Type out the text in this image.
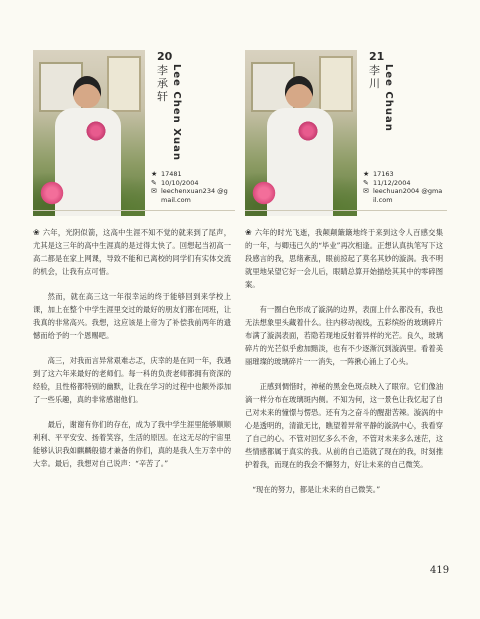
20
李承轩 Lee Chen Xuan
★ 17481
✎ 10/10/2004
✉ leechenxuan234 @gmail.com

❀ 六年，光阴似箭，这高中生涯不知不觉的就来到了尾声，尤其是这三年的高中生涯真的是过得太快了。回想起当初高一高二都是在家上网课，导致不能和已离校的同学们有实体交流的机会，让我有点可惜。

然而，就在高三这一年很幸运的终于能够回到来学校上课，加上在整个中学生涯里交过的最好的朋友们都在同班，让我真的非常高兴。我想，这应该是上帝为了补偿我前两年的遗憾而给予的一个恩赐吧。

高三，对我而言异常艰难忐忑，庆幸的是在同一年，我遇到了这六年来最好的老师们。每一科的负责老师都拥有资深的经验，且性格都特别的幽默，让我在学习的过程中也额外添加了一些乐趣，真的非常感谢他们。

最后，谢谢有你们的存在，成为了我中学生涯里能够顺顺利利、平平安安、扬着笑容，生活的原因。在这无尽的宇宙里能够认识我如麒麟般德才兼备的你们，真的是我人生万幸中的大幸。最后，我想对自己说声：“辛苦了。”

21
李川 Lee Chuan
★ 17163
✎ 11/12/2004
✉ leechuan2004 @gmail.com

❀ 六年的时光飞逝，我颠颠簸簸地终于来到这令人百感交集的一年，与卿违已久的“毕业”再次相逢。正想认真执笔写下这段感言的我，思绪紊乱，眼前掠起了莫名其妙的漩涡。我不明就里地呆望它好一会儿后，眼睛总算开始描绘其其中的零碎图案。

有一圈白色形成了漩涡的边界，表面上什么都没有，我也无法想象里头藏着什么。往内移动视线，五彩缤纷的玻璃碎片布满了漩涡表面，若隐若现地反射着异样的光芒。良久，玻璃碎片的光芒似乎愈加黯淡，也有不少逐渐沉到漩涡里。看着美丽璀璨的玻璃碎片一一消失，一阵揪心涌上了心头。

正感到惆惜时，神秘的黑金色斑点映入了眼帘。它们像油滴一样分布在玻璃斑内侧。不知为何，这一景色让我忆起了自己对未来的憧憬与愣恐。还有为之奋斗的醒甜苦辣。漩涡的中心是透明的，清澈无比，瞧望着异常平静的漩涡中心，我看穿了自己的心。不管对回忆多么不舍，不管对未来多么迷茫，这些情感都属于真实的我。从前的自己造就了现在的我，时刻推护着我，而现在的我会不懈努力，好让未来的自己微笑。

“现在的努力，都是让未来的自己微笑。”

419
